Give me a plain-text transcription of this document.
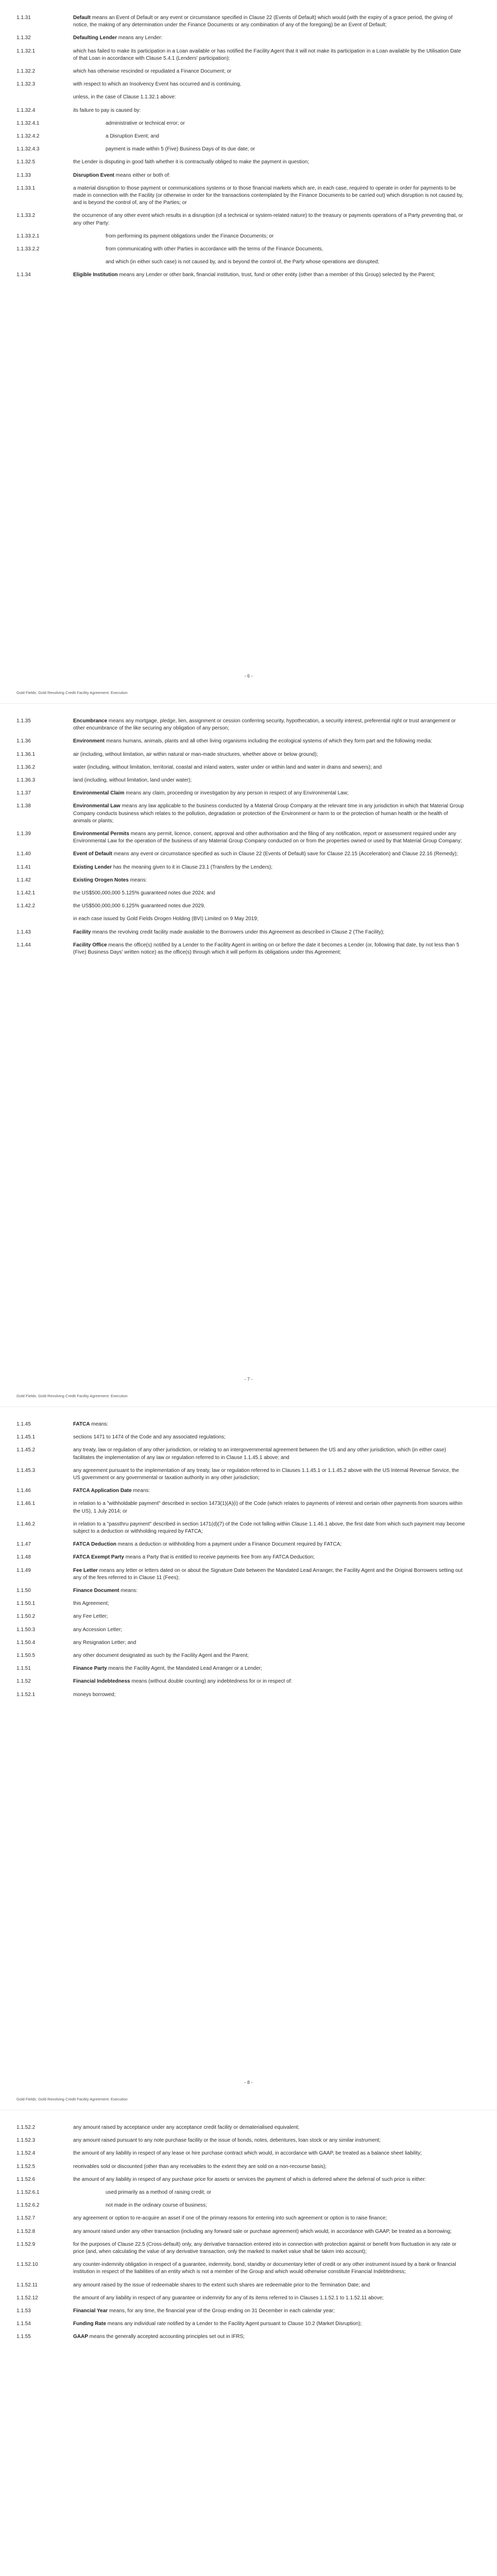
1.1.31	Default means an Event of Default or any event or circumstance specified in Clause 22 (Events of Default) which would (with the expiry of a grace period, the giving of notice, the making of any determination under the Finance Documents or any combination of any of the foregoing) be an Event of Default;
1.1.32	Defaulting Lender means any Lender:
1.1.32.1	which has failed to make its participation in a Loan available or has notified the Facility Agent that it will not make its participation in a Loan available by the Utilisation Date of that Loan in accordance with Clause 5.4.1 (Lenders' participation);
1.1.32.2	which has otherwise rescinded or repudiated a Finance Document; or
1.1.32.3	with respect to which an Insolvency Event has occurred and is continuing,
unless, in the case of Clause 1.1.32.1 above:
1.1.32.4	its failure to pay is caused by:
1.1.32.4.1	administrative or technical error; or
1.1.32.4.2	a Disruption Event; and
1.1.32.4.3	payment is made within 5 (Five) Business Days of its due date; or
1.1.32.5	the Lender is disputing in good faith whether it is contractually obliged to make the payment in question;
1.1.33	Disruption Event means either or both of:
1.1.33.1	a material disruption to those payment or communications systems or to those financial markets which are, in each case, required to operate in order for payments to be made in connection with the Facility (or otherwise in order for the transactions contemplated by the Finance Documents to be carried out) which disruption is not caused by, and is beyond the control of, any of the Parties; or
1.1.33.2	the occurrence of any other event which results in a disruption (of a technical or system-related nature) to the treasury or payments operations of a Party preventing that, or any other Party:
1.1.33.2.1	from performing its payment obligations under the Finance Documents; or
1.1.33.2.2	from communicating with other Parties in accordance with the terms of the Finance Documents,
and which (in either such case) is not caused by, and is beyond the control of, the Party whose operations are disrupted;
1.1.34	Eligible Institution means any Lender or other bank, financial institution, trust, fund or other entity (other than a member of this Group) selected by the Parent;
- 6 -
Gold Fields: Gold Revolving Credit Facility Agreement: Execution
1.1.35	Encumbrance means any mortgage, pledge, lien, assignment or cession conferring security, hypothecation, a security interest, preferential right or trust arrangement or other encumbrance of the like securing any obligation of any person;
1.1.36	Environment means humans, animals, plants and all other living organisms including the ecological systems of which they form part and the following media:
1.1.36.1	air (including, without limitation, air within natural or man-made structures, whether above or below ground);
1.1.36.2	water (including, without limitation, territorial, coastal and inland waters, water under or within land and water in drains and sewers); and
1.1.36.3	land (including, without limitation, land under water);
1.1.37	Environmental Claim means any claim, proceeding or investigation by any person in respect of any Environmental Law;
1.1.38	Environmental Law means any law applicable to the business conducted by a Material Group Company at the relevant time in any jurisdiction in which that Material Group Company conducts business which relates to the pollution, degradation or protection of the Environment or harm to or the protection of human health or the health of animals or plants;
1.1.39	Environmental Permits means any permit, licence, consent, approval and other authorisation and the filing of any notification, report or assessment required under any Environmental Law for the operation of the business of any Material Group Company conducted on or from the properties owned or used by that Material Group Company;
1.1.40	Event of Default means any event or circumstance specified as such in Clause 22 (Events of Default) save for Clause 22.15 (Acceleration) and Clause 22.16 (Remedy);
1.1.41	Existing Lender has the meaning given to it in Clause 23.1 (Transfers by the Lenders);
1.1.42	Existing Orogen Notes means:
1.1.42.1	the US$500,000,000 5.125% guaranteed notes due 2024; and
1.1.42.2	the US$500,000,000 6.125% guaranteed notes due 2029,
in each case issued by Gold Fields Orogen Holding (BVI) Limited on 9 May 2019;
1.1.43	Facility means the revolving credit facility made available to the Borrowers under this Agreement as described in Clause 2 (The Facility);
1.1.44	Facility Office means the office(s) notified by a Lender to the Facility Agent in writing on or before the date it becomes a Lender (or, following that date, by not less than 5 (Five) Business Days' written notice) as the office(s) through which it will perform its obligations under this Agreement;
- 7 -
Gold Fields: Gold Revolving Credit Facility Agreement: Execution
1.1.45	FATCA means:
1.1.45.1	sections 1471 to 1474 of the Code and any associated regulations;
1.1.45.2	any treaty, law or regulation of any other jurisdiction, or relating to an intergovernmental agreement between the US and any other jurisdiction, which (in either case) facilitates the implementation of any law or regulation referred to in Clause 1.1.45.1 above; and
1.1.45.3	any agreement pursuant to the implementation of any treaty, law or regulation referred to in Clauses 1.1.45.1 or 1.1.45.2 above with the US Internal Revenue Service, the US government or any governmental or taxation authority in any other jurisdiction;
1.1.46	FATCA Application Date means:
1.1.46.1	in relation to a "withholdable payment" described in section 1473(1)(A)(i) of the Code (which relates to payments of interest and certain other payments from sources within the US), 1 July 2014; or
1.1.46.2	in relation to a "passthru payment" described in section 1471(d)(7) of the Code not falling within Clause 1.1.46.1 above, the first date from which such payment may become subject to a deduction or withholding required by FATCA;
1.1.47	FATCA Deduction means a deduction or withholding from a payment under a Finance Document required by FATCA;
1.1.48	FATCA Exempt Party means a Party that is entitled to receive payments free from any FATCA Deduction;
1.1.49	Fee Letter means any letter or letters dated on or about the Signature Date between the Mandated Lead Arranger, the Facility Agent and the Original Borrowers setting out any of the fees referred to in Clause 11 (Fees);
1.1.50	Finance Document means:
1.1.50.1	this Agreement;
1.1.50.2	any Fee Letter;
1.1.50.3	any Accession Letter;
1.1.50.4	any Resignation Letter; and
1.1.50.5	any other document designated as such by the Facility Agent and the Parent;
1.1.51	Finance Party means the Facility Agent, the Mandated Lead Arranger or a Lender;
1.1.52	Financial Indebtedness means (without double counting) any indebtedness for or in respect of:
1.1.52.1	moneys borrowed;
- 8 -
Gold Fields: Gold Revolving Credit Facility Agreement: Execution
1.1.52.2	any amount raised by acceptance under any acceptance credit facility or dematerialised equivalent;
1.1.52.3	any amount raised pursuant to any note purchase facility or the issue of bonds, notes, debentures, loan stock or any similar instrument;
1.1.52.4	the amount of any liability in respect of any lease or hire purchase contract which would, in accordance with GAAP, be treated as a balance sheet liability;
1.1.52.5	receivables sold or discounted (other than any receivables to the extent they are sold on a non-recourse basis);
1.1.52.6	the amount of any liability in respect of any purchase price for assets or services the payment of which is deferred where the deferral of such price is either:
1.1.52.6.1	used primarily as a method of raising credit; or
1.1.52.6.2	not made in the ordinary course of business;
1.1.52.7	any agreement or option to re-acquire an asset if one of the primary reasons for entering into such agreement or option is to raise finance;
1.1.52.8	any amount raised under any other transaction (including any forward sale or purchase agreement) which would, in accordance with GAAP, be treated as a borrowing;
1.1.52.9	for the purposes of Clause 22.5 (Cross-default) only, any derivative transaction entered into in connection with protection against or benefit from fluctuation in any rate or price (and, when calculating the value of any derivative transaction, only the marked to market value shall be taken into account);
1.1.52.10	any counter-indemnity obligation in respect of a guarantee, indemnity, bond, standby or documentary letter of credit or any other instrument issued by a bank or financial institution in respect of the liabilities of an entity which is not a member of the Group and which would otherwise constitute Financial Indebtedness;
1.1.52.11	any amount raised by the issue of redeemable shares to the extent such shares are redeemable prior to the Termination Date; and
1.1.52.12	the amount of any liability in respect of any guarantee or indemnity for any of its items referred to in Clauses 1.1.52.1 to 1.1.52.11 above;
1.1.53	Financial Year means, for any time, the financial year of the Group ending on 31 December in each calendar year;
1.1.54	Funding Rate means any individual rate notified by a Lender to the Facility Agent pursuant to Clause 10.2 (Market Disruption);
1.1.55	GAAP means the generally accepted accounting principles set out in IFRS;
